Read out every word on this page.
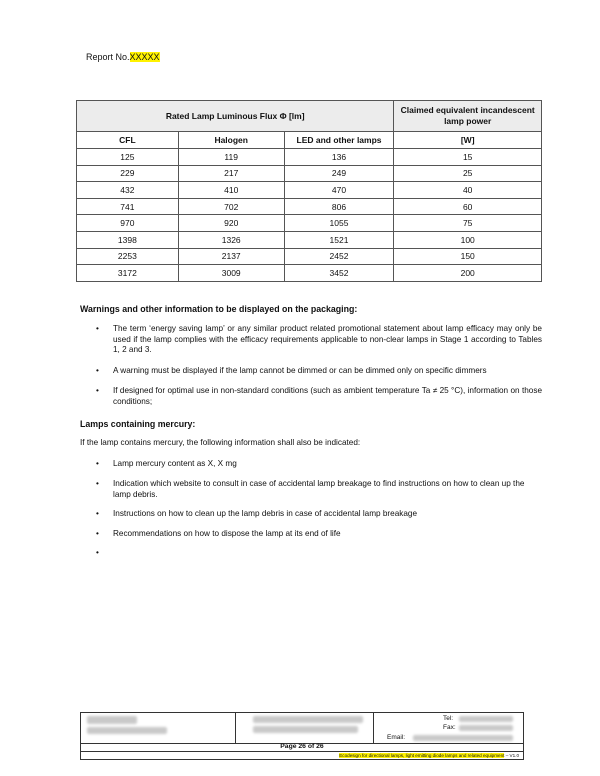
Report No.XXXXX
Rated Lamp Luminous Flux Φ [lm]			Claimed equivalent incandescent lamp power
CFL	Halogen	LED and other lamps	[W]
125	119	136	15
229	217	249	25
432	410	470	40
741	702	806	60
970	920	1055	75
1398	1326	1521	100
2253	2137	2452	150
3172	3009	3452	200
Warnings and other information to be displayed on the packaging:
• The term ‘energy saving lamp’ or any similar product related promotional statement about lamp efficacy may only be used if the lamp complies with the efficacy requirements applicable to non-clear lamps in Stage 1 according to Tables 1, 2 and 3.
• A warning must be displayed if the lamp cannot be dimmed or can be dimmed only on specific dimmers
• If designed for optimal use in non-standard conditions (such as ambient temperature Ta ≠ 25 °C), information on those conditions;
Lamps containing mercury:
If the lamp contains mercury, the following information shall also be indicated:
• Lamp mercury content as X, X mg
• Indication which website to consult in case of accidental lamp breakage to find instructions on how to clean up the lamp debris.
• Instructions on how to clean up the lamp debris in case of accidental lamp breakage
• Recommendations on how to dispose the lamp at its end of life
•
Tel:
Fax:
Email:
Page 26 of 26
Ecodesign for directional lamps, light emitting diode lamps and related equipment – V1.0
